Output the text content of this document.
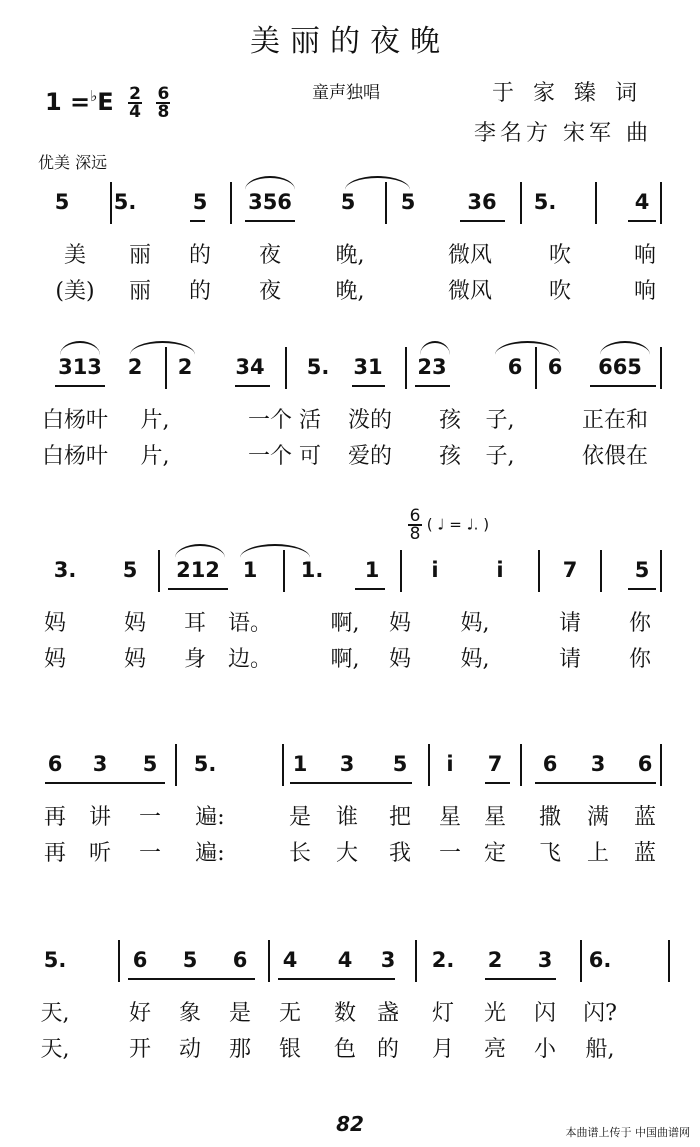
美丽的夜晚
$1 =^♭E \frac{2}{4}$
$\frac{6}{8}$	童声独唱	于 家 臻 词
李名方 宋军 曲
优美 深远
$\frac{6}{8}$ ( ♩ = ♩. )
5 5.	5 356 5 5 36 5.	4
美 丽 的 夜 晚,	微风	吹	响
(美) 丽 的 夜 晚,	微风	吹	响
313 2 2 34 5. 31 23	6 6 665
白杨叶 片,	一个 活 泼的 孩 子,	正在和
白杨叶 片,	一个 可 爱的 孩 子,	依偎在
3. 5 212 1 1. 1 i	i	7	5
妈	妈 耳 语。	啊, 妈 妈,	请 你
妈	妈 身 边。	啊, 妈 妈,	请 你
6 3 5 5.	1 3 5 i 7 6 3 6
再 讲 一 遍:	是 谁 把 星 星 撒 满 蓝
再 听 一 遍:	长 大 我 一 定 飞 上 蓝
5.	6 5 6 4 4 3 2. 2 3 6.
天,	好 象 是 无 数 盏 灯 光 闪 闪?
天,	开 动 那 银 色 的 月 亮 小 船,
82	本曲谱上传于 中国曲谱网
